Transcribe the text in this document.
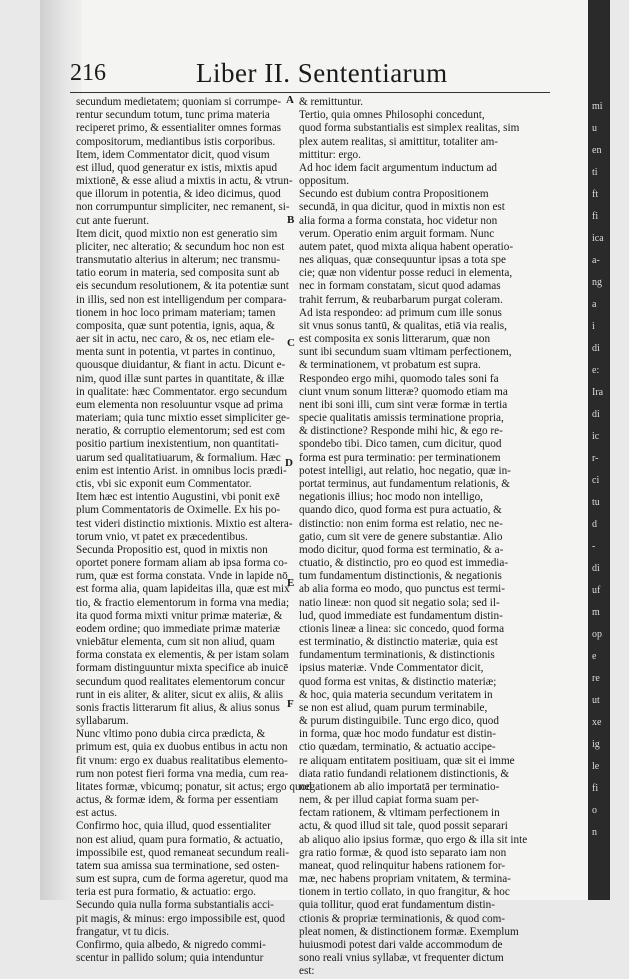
mi
u
en
ti
ft
fi
ica
a-
ng
a
i
di
e:
Ira
di
ic
r-
ci
tu
d
-
di
uf
m
op
e
re
ut
xe
ig
le
fi
o
n
216	Liber II. Sententiarum
secundum medietatem; quoniam si corrumpe-
rentur secundum totum, tunc prima materia
reciperet primo, & essentialiter omnes formas
compositorum, mediantibus istis corporibus.
Item, idem Commentator dicit, quod visum
est illud, quod generatur ex istis, mixtis apud
mixtionē, & esse aliud a mixtis in actu, & vtrun-
que illorum in potentia, & ideo dicimus, quod
non corrumpuntur simpliciter, nec remanent, si-
cut ante fuerunt.
Item dicit, quod mixtio non est generatio sim
pliciter, nec alteratio; & secundum hoc non est
transmutatio alterius in alterum; nec transmu-
tatio eorum in materia, sed composita sunt ab
eis secundum resolutionem, & ita potentiæ sunt
in illis, sed non est intelligendum per compara-
tionem in hoc loco primam materiam; tamen
composita, quæ sunt potentia, ignis, aqua, &
aer sit in actu, nec caro, & os, nec etiam ele-
menta sunt in potentia, vt partes in continuo,
quousque diuidantur, & fiant in actu. Dicunt e-
nim, quod illæ sunt partes in quantitate, & illæ
in qualitate: hæc Commentator. ergo secundum
eum elementa non resoluuntur vsque ad prima
materiam; quia tunc mixtio esset simpliciter ge-
neratio, & corruptio elementorum; sed est com
positio partium inexistentium, non quantitati-
uarum sed qualitatiuarum, & formalium. Hæc
enim est intentio Arist. in omnibus locis prædi-
ctis, vbi sic exponit eum Commentator.
Item hæc est intentio Augustini, vbi ponit exē
plum Commentatoris de Oximelle. Ex his po-
test videri distinctio mixtionis. Mixtio est altera-
torum vnio, vt patet ex præcedentibus.
Secunda Propositio est, quod in mixtis non
oportet ponere formam aliam ab ipsa forma co-
rum, quæ est forma constata. Vnde in lapide nō
est forma alia, quam lapideitas illa, quæ est mix
tio, & fractio elementorum in forma vna media;
ita quod forma mixti vnitur primæ materiæ, &
eodem ordine; quo immediate primæ materiæ
vniebātur elementa, cum sit non aliud, quam
forma constata ex elementis, & per istam solam
formam distinguuntur mixta specifice ab inuicē
secundum quod realitates elementorum concur
runt in eis aliter, & aliter, sicut ex aliis, & aliis
sonis fractis litterarum fit alius, & alius sonus
syllabarum.
Nunc vltimo pono dubia circa prædicta, &
primum est, quia ex duobus entibus in actu non
fit vnum: ergo ex duabus realitatibus elemento-
rum non potest fieri forma vna media, cum rea-
litates formæ, vbicumq; ponatur, sit actus; ergo quod
actus, & formæ idem, & forma per essentiam
est actus.
Confirmo hoc, quia illud, quod essentialiter
non est aliud, quam pura formatio, & actuatio,
impossibile est, quod remaneat secundum reali-
tatem sua amissa sua terminatione, sed osten-
sum est supra, cum de forma ageretur, quod ma
teria est pura formatio, & actuatio: ergo.
Secundo quia nulla forma substantialis acci-
pit magis, & minus: ergo impossibile est, quod
frangatur, vt tu dicis.
Confirmo, quia albedo, & nigredo commi-
scentur in pallido solum; quia intenduntur
& remittuntur.
Tertio, quia omnes Philosophi concedunt,
quod forma substantialis est simplex realitas, sim
plex autem realitas, si amittitur, totaliter am-
mittitur: ergo.
Ad hoc idem facit argumentum inductum ad
oppositum.
Secundo est dubium contra Propositionem
secundā, in qua dicitur, quod in mixtis non est
alia forma a forma constata, hoc videtur non
verum. Operatio enim arguit formam. Nunc
autem patet, quod mixta aliqua habent operatio-
nes aliquas, quæ consequuntur ipsas a tota spe
cie; quæ non videntur posse reduci in elementa,
nec in formam constatam, sicut quod adamas
trahit ferrum, & reubarbarum purgat coleram.
Ad ista respondeo: ad primum cum ille sonus
sit vnus sonus tantū, & qualitas, etiā via realis,
est composita ex sonis litterarum, quæ non
sunt ibi secundum suam vltimam perfectionem,
& terminationem, vt probatum est supra.
Respondeo ergo mihi, quomodo tales soni fa
ciunt vnum sonum litteræ? quomodo etiam ma
nent ibi soni illi, cum sint veræ formæ in tertia
specie qualitatis amissis terminatione propria,
& distinctione? Responde mihi hic, & ego re-
spondebo tibi. Dico tamen, cum dicitur, quod
forma est pura terminatio: per terminationem
potest intelligi, aut relatio, hoc negatio, quæ in-
portat terminus, aut fundamentum relationis, &
negationis illius; hoc modo non intelligo,
quando dico, quod forma est pura actuatio, &
distinctio: non enim forma est relatio, nec ne-
gatio, cum sit vere de genere substantiæ. Alio
modo dicitur, quod forma est terminatio, & a-
ctuatio, & distinctio, pro eo quod est immedia-
tum fundamentum distinctionis, & negationis
ab alia forma eo modo, quo punctus est termi-
natio lineæ: non quod sit negatio sola; sed il-
lud, quod immediate est fundamentum distin-
ctionis lineæ a linea: sic concedo, quod forma
est terminatio, & distinctio materiæ, quia est
fundamentum terminationis, & distinctionis
ipsius materiæ. Vnde Commentator dicit,
quod forma est vnitas, & distinctio materiæ;
& hoc, quia materia secundum veritatem in
se non est aliud, quam purum terminabile,
& purum distinguibile. Tunc ergo dico, quod
in forma, quæ hoc modo fundatur est distin-
ctio quædam, terminatio, & actuatio accipe-
re aliquam entitatem positiuam, quæ sit ei imme
diata ratio fundandi relationem distinctionis, &
negationem ab alio importatā per terminatio-
nem, & per illud capiat forma suam per-
fectam rationem, & vltimam perfectionem in
actu, & quod illud sit tale, quod possit separari
ab aliquo alio ipsius formæ, quo ergo & illa sit inte
gra ratio formæ, & quod isto separato iam non
maneat, quod relinquitur habens rationem for-
mæ, nec habens propriam vnitatem, & termina-
tionem in tertio collato, in quo frangitur, & hoc
quia tollitur, quod erat fundamentum distin-
ctionis & propriæ terminationis, & quod com-
pleat nomen, & distinctionem formæ. Exemplum
huiusmodi potest dari valde accommodum de
sono reali vnius syllabæ, vt frequenter dictum
est:
A
B
C
D
E
F
